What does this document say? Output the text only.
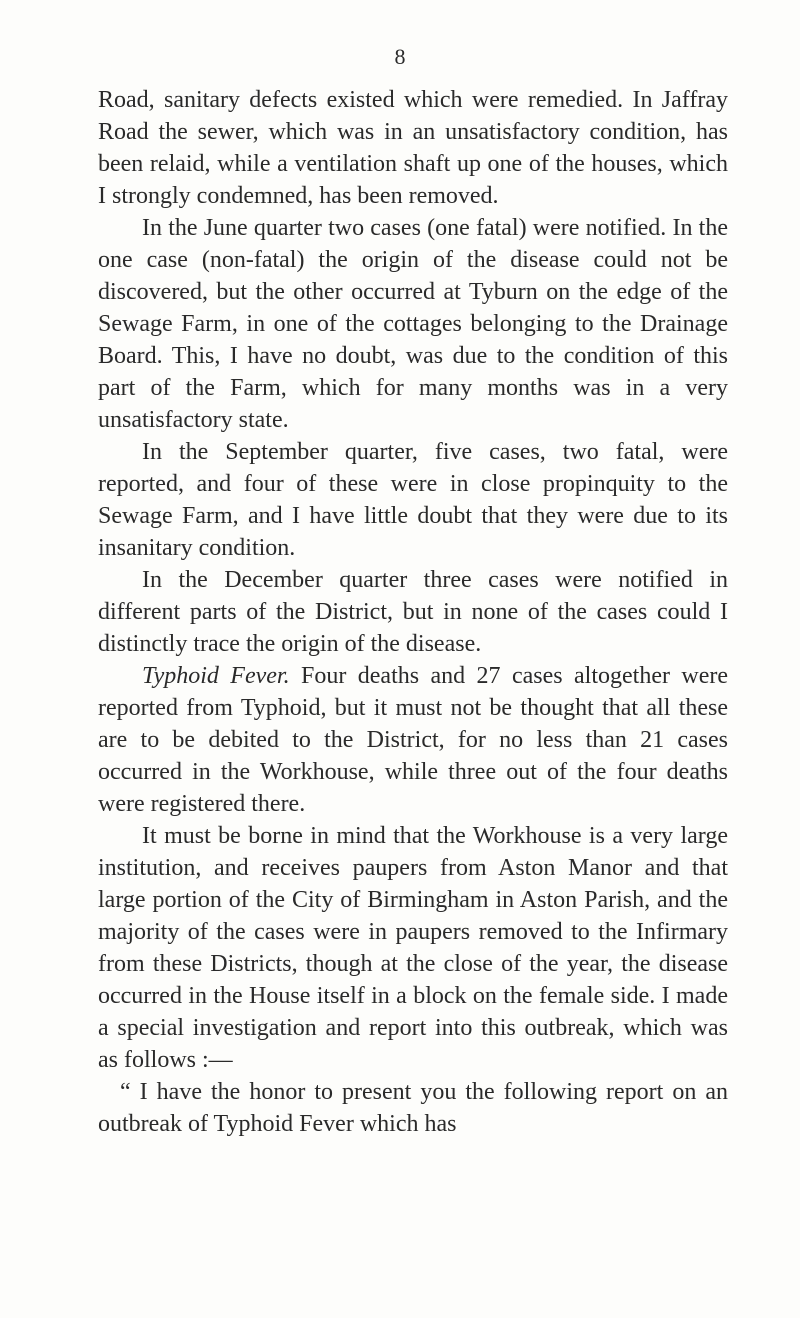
8

Road, sanitary defects existed which were remedied. In Jaffray Road the sewer, which was in an unsatisfactory condition, has been relaid, while a ventilation shaft up one of the houses, which I strongly condemned, has been removed.

In the June quarter two cases (one fatal) were notified. In the one case (non-fatal) the origin of the disease could not be discovered, but the other occurred at Tyburn on the edge of the Sewage Farm, in one of the cottages belonging to the Drainage Board. This, I have no doubt, was due to the condition of this part of the Farm, which for many months was in a very unsatisfactory state.

In the September quarter, five cases, two fatal, were reported, and four of these were in close propinquity to the Sewage Farm, and I have little doubt that they were due to its insanitary condition.

In the December quarter three cases were notified in different parts of the District, but in none of the cases could I distinctly trace the origin of the disease.

Typhoid Fever. Four deaths and 27 cases altogether were reported from Typhoid, but it must not be thought that all these are to be debited to the District, for no less than 21 cases occurred in the Workhouse, while three out of the four deaths were registered there.

It must be borne in mind that the Workhouse is a very large institution, and receives paupers from Aston Manor and that large portion of the City of Birmingham in Aston Parish, and the majority of the cases were in paupers removed to the Infirmary from these Districts, though at the close of the year, the disease occurred in the House itself in a block on the female side. I made a special investigation and report into this outbreak, which was as follows :—

“ I have the honor to present you the following report on an outbreak of Typhoid Fever which has
